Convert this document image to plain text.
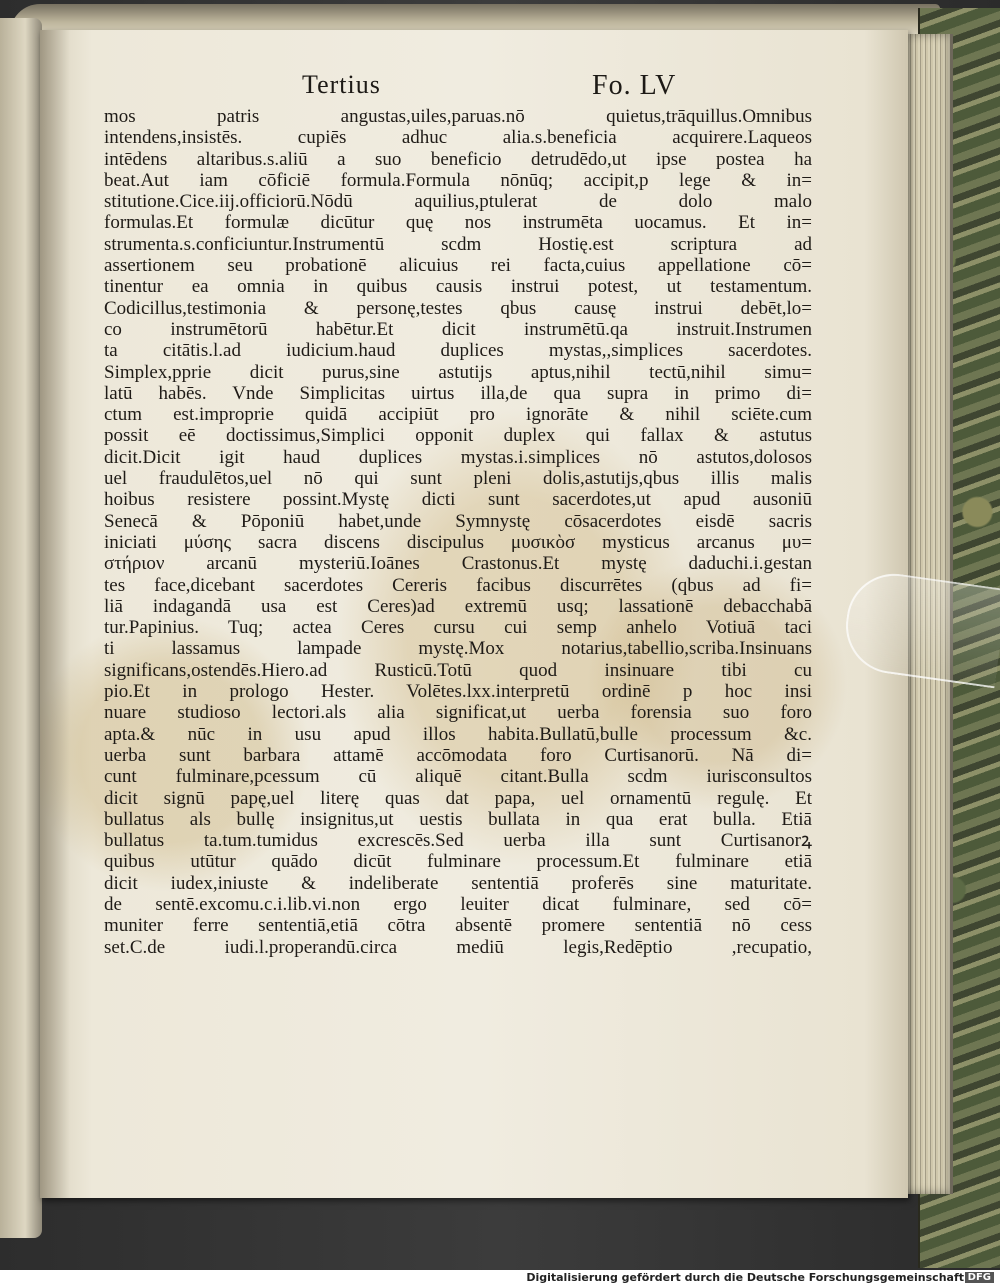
Tertius	Fo. LV
mos patris angustas,uiles,paruas.nō quietus,trāquillus.Omnibus
intendens,insistēs. cupiēs adhuc alia.s.beneficia acquirere.Laqueos
intēdens altaribus.s.aliū a suo beneficio detrudēdo,ut ipse postea ha
beat.Aut iam cōficiē formula.Formula nōnūq; accipit,p lege & in=
stitutione.Cice.iij.officiorū.Nōdū aquilius,ptulerat de dolo malo
formulas.Et formulæ dicūtur quę nos instrumēta uocamus. Et in=
strumenta.s.conficiuntur.Instrumentū scdm Hostię.est scriptura ad
assertionem seu probationē alicuius rei facta,cuius appellatione cō=
tinentur ea omnia in quibus causis instrui potest, ut testamentum.
Codicillus,testimonia & personę,testes qbus causę instrui debēt,lo=
co instrumētorū habētur.Et dicit instrumētū.qa instruit.Instrumen
ta citātis.l.ad iudicium.haud duplices mystas,,simplices sacerdotes.
Simplex,pprie dicit purus,sine astutijs aptus,nihil tectū,nihil simu=
latū habēs. Vnde Simplicitas uirtus illa,de qua supra in primo di=
ctum est.improprie quidā accipiūt pro ignorāte & nihil sciēte.cum
possit eē doctissimus,Simplici opponit duplex qui fallax & astutus
dicit.Dicit igit haud duplices mystas.i.simplices nō astutos,dolosos
uel fraudulētos,uel nō qui sunt pleni dolis,astutijs,qbus illis malis
hoibus resistere possint.Mystę dicti sunt sacerdotes,ut apud ausoniū
Senecā & Pōponiū habet,unde Symnystę cōsacerdotes eisdē sacris
iniciati μύσης sacra discens discipulus μυσικὸσ mysticus arcanus μυ=
στήριον arcanū mysteriū.Ioānes Crastonus.Et mystę daduchi.i.gestan
tes face,dicebant sacerdotes Cereris facibus discurrētes (qbus ad fi=
liā indagandā usa est Ceres)ad extremū usq; lassationē debacchabā
tur.Papinius. Tuq; actea Ceres cursu cui semp anhelo Votiuā taci
ti lassamus lampade mystę.Mox notarius,tabellio,scriba.Insinuans
significans,ostendēs.Hiero.ad Rusticū.Totū quod insinuare tibi cu
pio.Et in prologo Hester. Volētes.lxx.interpretū ordinē p hoc insi
nuare studioso lectori.als alia significat,ut uerba forensia suo foro
apta.& nūc in usu apud illos habita.Bullatū,bulle processum &c.
uerba sunt barbara attamē accōmodata foro Curtisanorū. Nā di=
cunt fulminare,pcessum cū aliquē citant.Bulla scdm iurisconsultos
dicit signū papę,uel literę quas dat papa, uel ornamentū regulę. Et
bullatus als bullę insignitus,ut uestis bullata in qua erat bulla. Etiā
bullatus ta.tum.tumidus excrescēs.Sed uerba illa sunt Curtisanorꝝ
quibus utūtur quādo dicūt fulminare processum.Et fulminare etiā
dicit iudex,iniuste & indeliberate sententiā proferēs sine maturitate.
de sentē.excomu.c.i.lib.vi.non ergo leuiter dicat fulminare, sed cō=
muniter ferre sententiā,etiā cōtra absentē promere sententiā nō cess
set.C.de iudi.l.properandū.circa mediū legis,Redēptio ,recupatio,
Digitalisierung gefördert durch die Deutsche Forschungsgemeinschaft DFG
